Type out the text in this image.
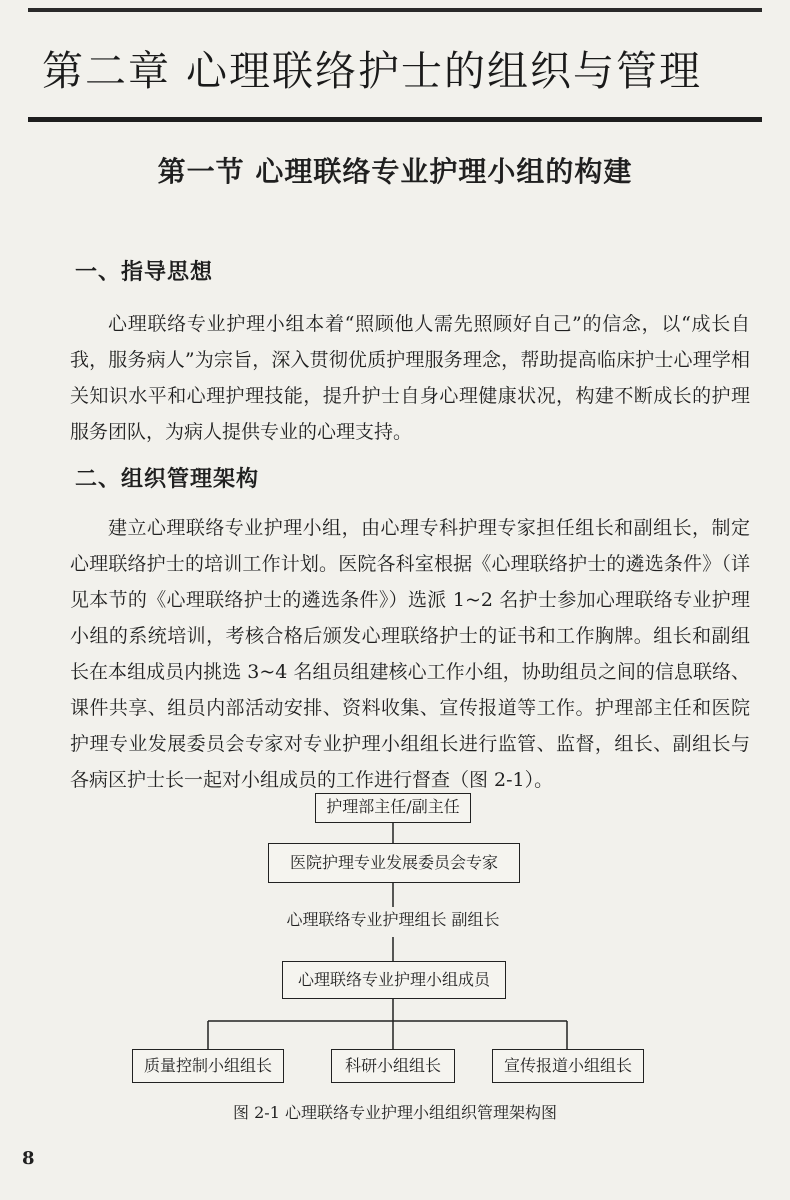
第二章 心理联络护士的组织与管理
第一节 心理联络专业护理小组的构建
一、指导思想
心理联络专业护理小组本着“照顾他人需先照顾好自己”的信念，以“成长自我，服务病人”为宗旨，深入贯彻优质护理服务理念，帮助提高临床护士心理学相关知识水平和心理护理技能，提升护士自身心理健康状况，构建不断成长的护理服务团队，为病人提供专业的心理支持。
二、组织管理架构
建立心理联络专业护理小组，由心理专科护理专家担任组长和副组长，制定心理联络护士的培训工作计划。医院各科室根据《心理联络护士的遴选条件》（详见本节的《心理联络护士的遴选条件》）选派 1~2 名护士参加心理联络专业护理小组的系统培训，考核合格后颁发心理联络护士的证书和工作胸牌。组长和副组长在本组成员内挑选 3~4 名组员组建核心工作小组，协助组员之间的信息联络、课件共享、组员内部活动安排、资料收集、宣传报道等工作。护理部主任和医院护理专业发展委员会专家对专业护理小组组长进行监管、监督，组长、副组长与各病区护士长一起对小组成员的工作进行督查（图 2-1）。
护理部主任/副主任
医院护理专业发展委员会专家
心理联络专业护理组长 副组长
心理联络专业护理小组成员
质量控制小组组长	科研小组组长	宣传报道小组组长
图 2-1 心理联络专业护理小组组织管理架构图
8
